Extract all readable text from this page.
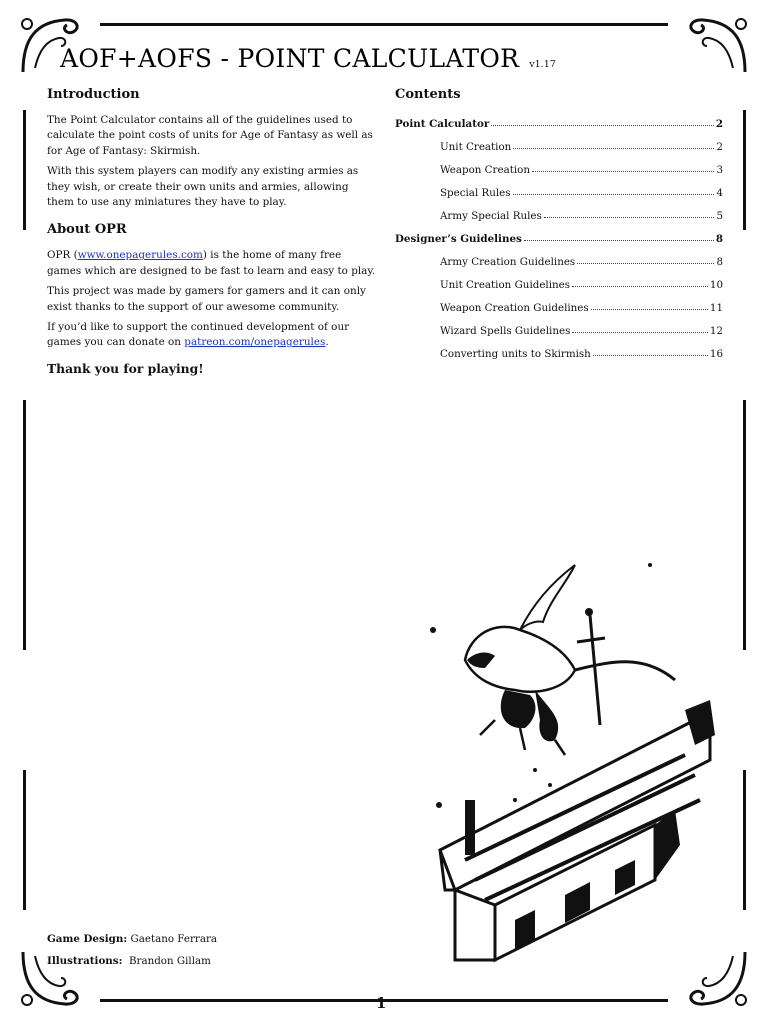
AOF+AOFS - POINT CALCULATOR v1.17
Introduction

The Point Calculator contains all of the guidelines used to calculate the point costs of units for Age of Fantasy as well as for Age of Fantasy: Skirmish.

With this system players can modify any existing armies as they wish, or create their own units and armies, allowing them to use any miniatures they have to play.

About OPR

OPR (www.onepagerules.com) is the home of many free games which are designed to be fast to learn and easy to play.

This project was made by gamers for gamers and it can only exist thanks to the support of our awesome community.

If you’d like to support the continued development of our games you can donate on patreon.com/onepagerules.

Thank you for playing!
Contents
Point Calculator	2
Unit Creation	2
Weapon Creation	3
Special Rules	4
Army Special Rules	5
Designer’s Guidelines	8
Army Creation Guidelines	8
Unit Creation Guidelines	10
Weapon Creation Guidelines	11
Wizard Spells Guidelines	12
Converting units to Skirmish	16
Game Design: Gaetano Ferrara
Illustrations: Brandon Gillam
1
